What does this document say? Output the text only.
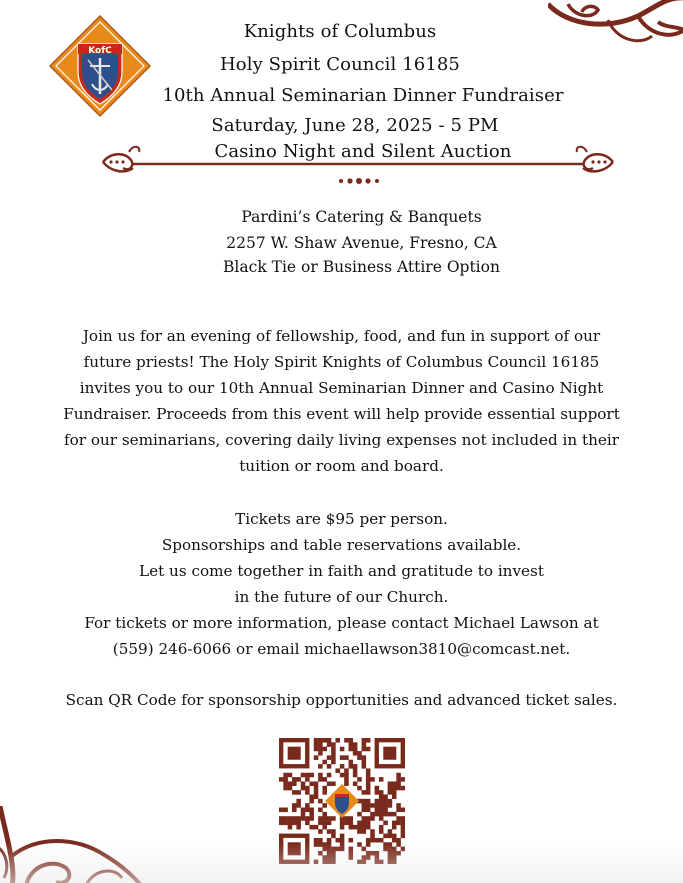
KofC
Knights of Columbus
Holy Spirit Council 16185
10th Annual Seminarian Dinner Fundraiser
Saturday, June 28, 2025 - 5 PM
Casino Night and Silent Auction
Pardini’s Catering & Banquets
2257 W. Shaw Avenue, Fresno, CA
Black Tie or Business Attire Option
Join us for an evening of fellowship, food, and fun in support of our
future priests! The Holy Spirit Knights of Columbus Council 16185
invites you to our 10th Annual Seminarian Dinner and Casino Night
Fundraiser. Proceeds from this event will help provide essential support
for our seminarians, covering daily living expenses not included in their
tuition or room and board.
Tickets are $95 per person.
Sponsorships and table reservations available.
Let us come together in faith and gratitude to invest
in the future of our Church.
For tickets or more information, please contact Michael Lawson at
(559) 246-6066 or email michaellawson3810@comcast.net.
Scan QR Code for sponsorship opportunities and advanced ticket sales.
